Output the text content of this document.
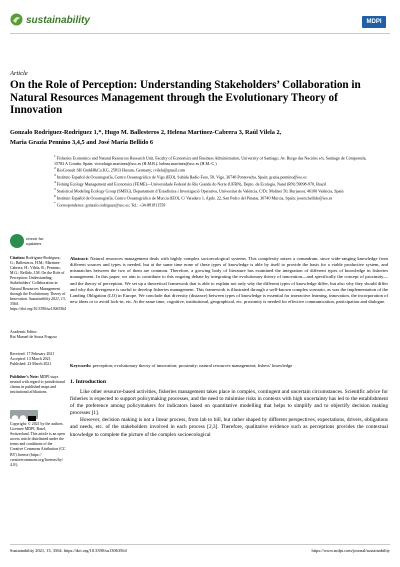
sustainability	MDPI
Article
On the Role of Perception: Understanding Stakeholders’ Collaboration in Natural Resources Management through the Evolutionary Theory of Innovation
Gonzalo Rodriguez-Rodriguez 1,*, Hugo M. Ballesteros 2, Helena Martinez-Cabrera 3, Raúl Vilela 2,
Maria Grazia Pennino 3,4,5 and José María Bellido 6

$^1$ Fisheries Economics and Natural Resources Research Unit, Faculty of Economics and Business Administration, University of Santiago, Av. Burgo das Nacións s/n, Santiago de Compostela, 15782 A Coruña, Spain; victorhugo.martinez@usc.es (H.M.B.); helena.martinez@usc.es (H.M.-C.)

$^2$ BioConsult SH GmbH&Co.KG, 25813 Husum, Germany; rvilela@gmail.com

$^3$ Instituto Español de Oceanografía, Centro Oceanográfico de Vigo (IEO), Subida Radio Faro, 50, Vigo, 36740 Pontevedra, Spain; grazia.pennino@ieo.es

$^4$ Fishing Ecology Management and Economics (FEME)—Universidade Federal do Rio Grande do Norte (UFRN), Depto. de Ecologia, Natal (RN) 59098-970, Brazil

$^5$ Statistical Modeling Ecology Group (SMEG), Departament d’Estadística i Investigació Operativa, Universitat de València, C/Dr. Moliner 50, Burjassot, 46100 València, Spain

$^6$ Instituto Español de Oceanografía, Centro Oceanográfico de Murcia (IEO), C/ Varadero 1, Apdo. 22, San Pedro del Pinatar, 30740 Murcia, Spain; josem.bellido@ieo.es

* Correspondence: gonzalo.rodriguez@usc.es; Tel.: +34-881811559

check for
updates
Citation: Rodriguez-Rodriguez, G.; Ballesteros, H.M.; Martinez-Cabrera, H.; Vilela, R.; Pennino, M.G.; Bellido, J.M. On the Role of Perception: Understanding Stakeholders’ Collaboration in Natural Resources Management through the Evolutionary Theory of Innovation. Sustainability 2021, 13, 3564. https://doi.org/10.3390/su13063564
Academic Editor:
Rui Manuel de Sousa Fragoso
Received: 17 February 2021
Accepted: 13 March 2021
Published: 23 March 2021
Publisher’s Note: MDPI stays neutral with regard to jurisdictional claims in published maps and institutional affiliations.
Copyright: © 2021 by the authors. Licensee MDPI, Basel, Switzerland. This article is an open access article distributed under the terms and conditions of the Creative Commons Attribution (CC BY) license (https:// creativecommons.org/licenses/by/ 4.0/).
Abstract: Natural resources management deals with highly complex socioecological systems. This complexity mixes a conundrum, since wide-ranging knowledge from different sources and types is needed, but at the same time none of these types of knowledge is able by itself to provide the basis for a viable productive system, and mismatches between the two of them are common. Therefore, a growing body of literature has examined the integration of different types of knowledge in fisheries management. In this paper, we aim to contribute to this ongoing debate by integrating the evolutionary theory of innovation—and specifically the concept of proximity—and the theory of perception. We set up a theoretical framework that is able to explain not only why the different types of knowledge differ, but also why they should differ and why this divergence is useful to develop fisheries management. This framework is illustrated through a well-known complex scenario, as was the implementation of the Landing Obligation (LO) in Europe. We conclude that diversity (distance) between types of knowledge is essential for interactive learning, innovation, the incorporation of new ideas or to avoid lock-in, etc. At the same time, cognitive, institutional, geographical, etc. proximity is needed for effective communication, participation and dialogue.
Keywords: perception; evolutionary theory of innovation; proximity; natural resources management; fishers’ knowledge
1. Introduction

Like other resource-based activities, fisheries management takes place in complex, contingent and uncertain circumstances. Scientific advice for fisheries is expected to support policymaking processes, and the need to minimise risks in contexts with high uncertainty has led to the establishment of the preference among policymakers for indicators based on quantitative modelling that helps to simplify and to objectify decision making processes [1].

However, decision making is not a linear process, from lab to bill, but rather shaped by different perspectives, expectations, drivers, obligations and needs, etc. of the stakeholders involved in each process [2,3]. Therefore, qualitative evidence such as perceptions provides the contextual knowledge to complete the picture of the complex socioecological

Sustainability 2021, 13, 3564. https://doi.org/10.3390/su13063564	https://www.mdpi.com/journal/sustainability
